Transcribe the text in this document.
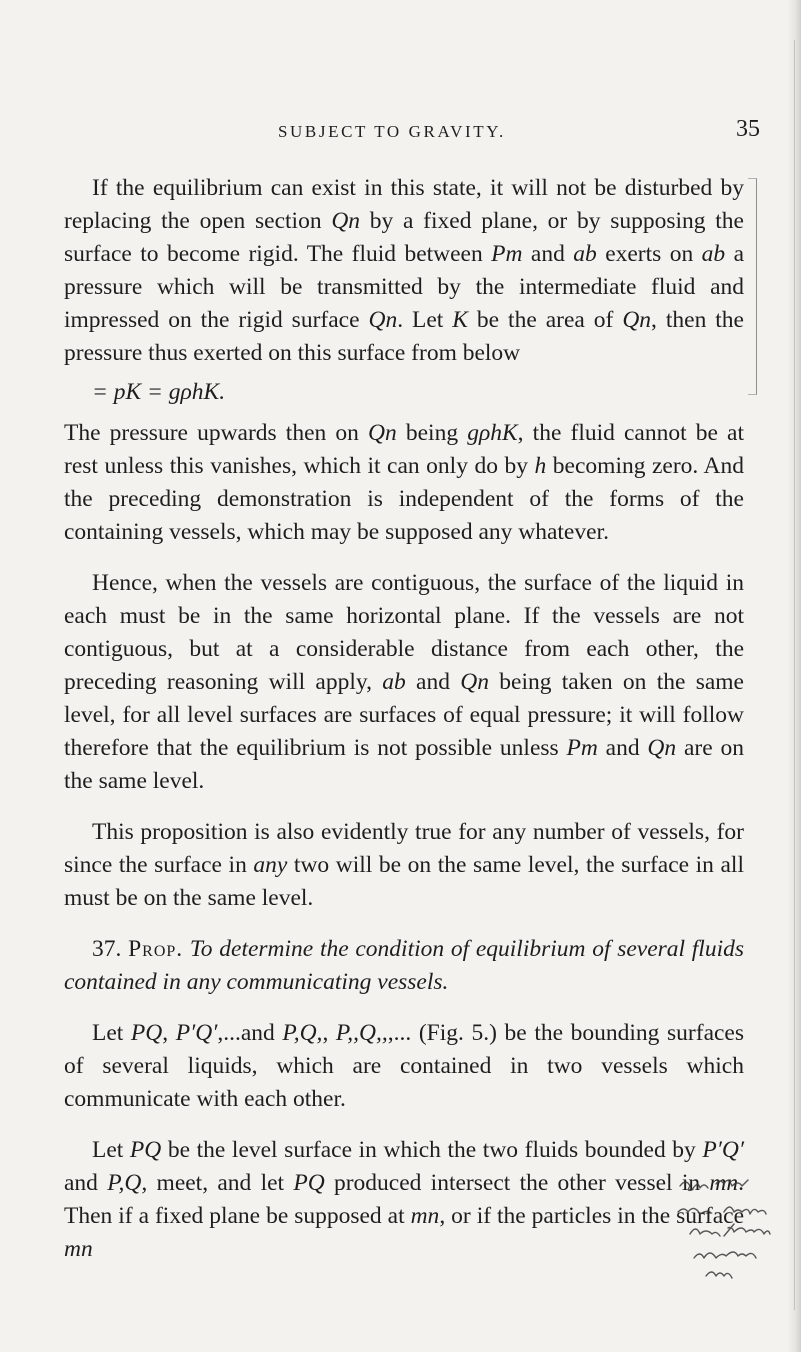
SUBJECT TO GRAVITY.	35

If the equilibrium can exist in this state, it will not be disturbed by replacing the open section Qn by a fixed plane, or by supposing the surface to become rigid. The fluid between Pm and ab exerts on ab a pressure which will be transmitted by the intermediate fluid and impressed on the rigid surface Qn. Let K be the area of Qn, then the pressure thus exerted on this surface from below

= pK = gρhK.

The pressure upwards then on Qn being gρhK, the fluid cannot be at rest unless this vanishes, which it can only do by h becoming zero. And the preceding demonstration is independent of the forms of the containing vessels, which may be supposed any whatever.

Hence, when the vessels are contiguous, the surface of the liquid in each must be in the same horizontal plane. If the vessels are not contiguous, but at a considerable distance from each other, the preceding reasoning will apply, ab and Qn being taken on the same level, for all level surfaces are surfaces of equal pressure; it will follow therefore that the equilibrium is not possible unless Pm and Qn are on the same level.

This proposition is also evidently true for any number of vessels, for since the surface in any two will be on the same level, the surface in all must be on the same level.

37. Prop. To determine the condition of equilibrium of several fluids contained in any communicating vessels.

Let PQ, P′Q′,...and P,Q,, P,,Q,,,... (Fig. 5.) be the bounding surfaces of several liquids, which are contained in two vessels which communicate with each other.

Let PQ be the level surface in which the two fluids bounded by P′Q′ and P,Q, meet, and let PQ produced intersect the other vessel in mn. Then if a fixed plane be supposed at mn, or if the particles in the surface mn
